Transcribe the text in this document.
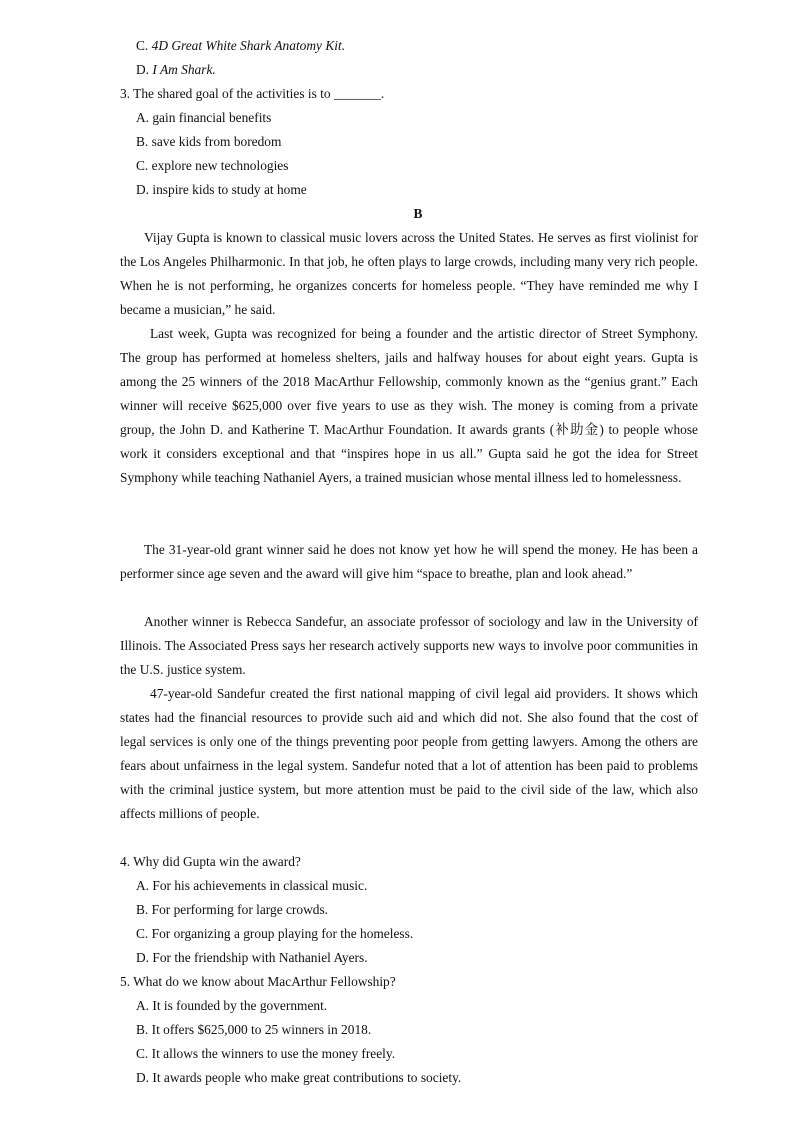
C. 4D Great White Shark Anatomy Kit.
D. I Am Shark.
3. The shared goal of the activities is to _______.
A. gain financial benefits
B. save kids from boredom
C. explore new technologies
D. inspire kids to study at home
B

Vijay Gupta is known to classical music lovers across the United States. He serves as first violinist for the Los Angeles Philharmonic. In that job, he often plays to large crowds, including many very rich people. When he is not performing, he organizes concerts for homeless people. “They have reminded me why I became a musician,” he said.

Last week, Gupta was recognized for being a founder and the artistic director of Street Symphony. The group has performed at homeless shelters, jails and halfway houses for about eight years. Gupta is among the 25 winners of the 2018 MacArthur Fellowship, commonly known as the “genius grant.” Each winner will receive $625,000 over five years to use as they wish. The money is coming from a private group, the John D. and Katherine T. MacArthur Foundation. It awards grants (补助金) to people whose work it considers exceptional and that “inspires hope in us all.” Gupta said he got the idea for Street Symphony while teaching Nathaniel Ayers, a trained musician whose mental illness led to homelessness.

The 31-year-old grant winner said he does not know yet how he will spend the money. He has been a performer since age seven and the award will give him “space to breathe, plan and look ahead.”

Another winner is Rebecca Sandefur, an associate professor of sociology and law in the University of Illinois. The Associated Press says her research actively supports new ways to involve poor communities in the U.S. justice system.

47-year-old Sandefur created the first national mapping of civil legal aid providers. It shows which states had the financial resources to provide such aid and which did not. She also found that the cost of legal services is only one of the things preventing poor people from getting lawyers. Among the others are fears about unfairness in the legal system. Sandefur noted that a lot of attention has been paid to problems with the criminal justice system, but more attention must be paid to the civil side of the law, which also affects millions of people.

4. Why did Gupta win the award?
A. For his achievements in classical music.
B. For performing for large crowds.
C. For organizing a group playing for the homeless.
D. For the friendship with Nathaniel Ayers.
5. What do we know about MacArthur Fellowship?
A. It is founded by the government.
B. It offers $625,000 to 25 winners in 2018.
C. It allows the winners to use the money freely.
D. It awards people who make great contributions to society.
